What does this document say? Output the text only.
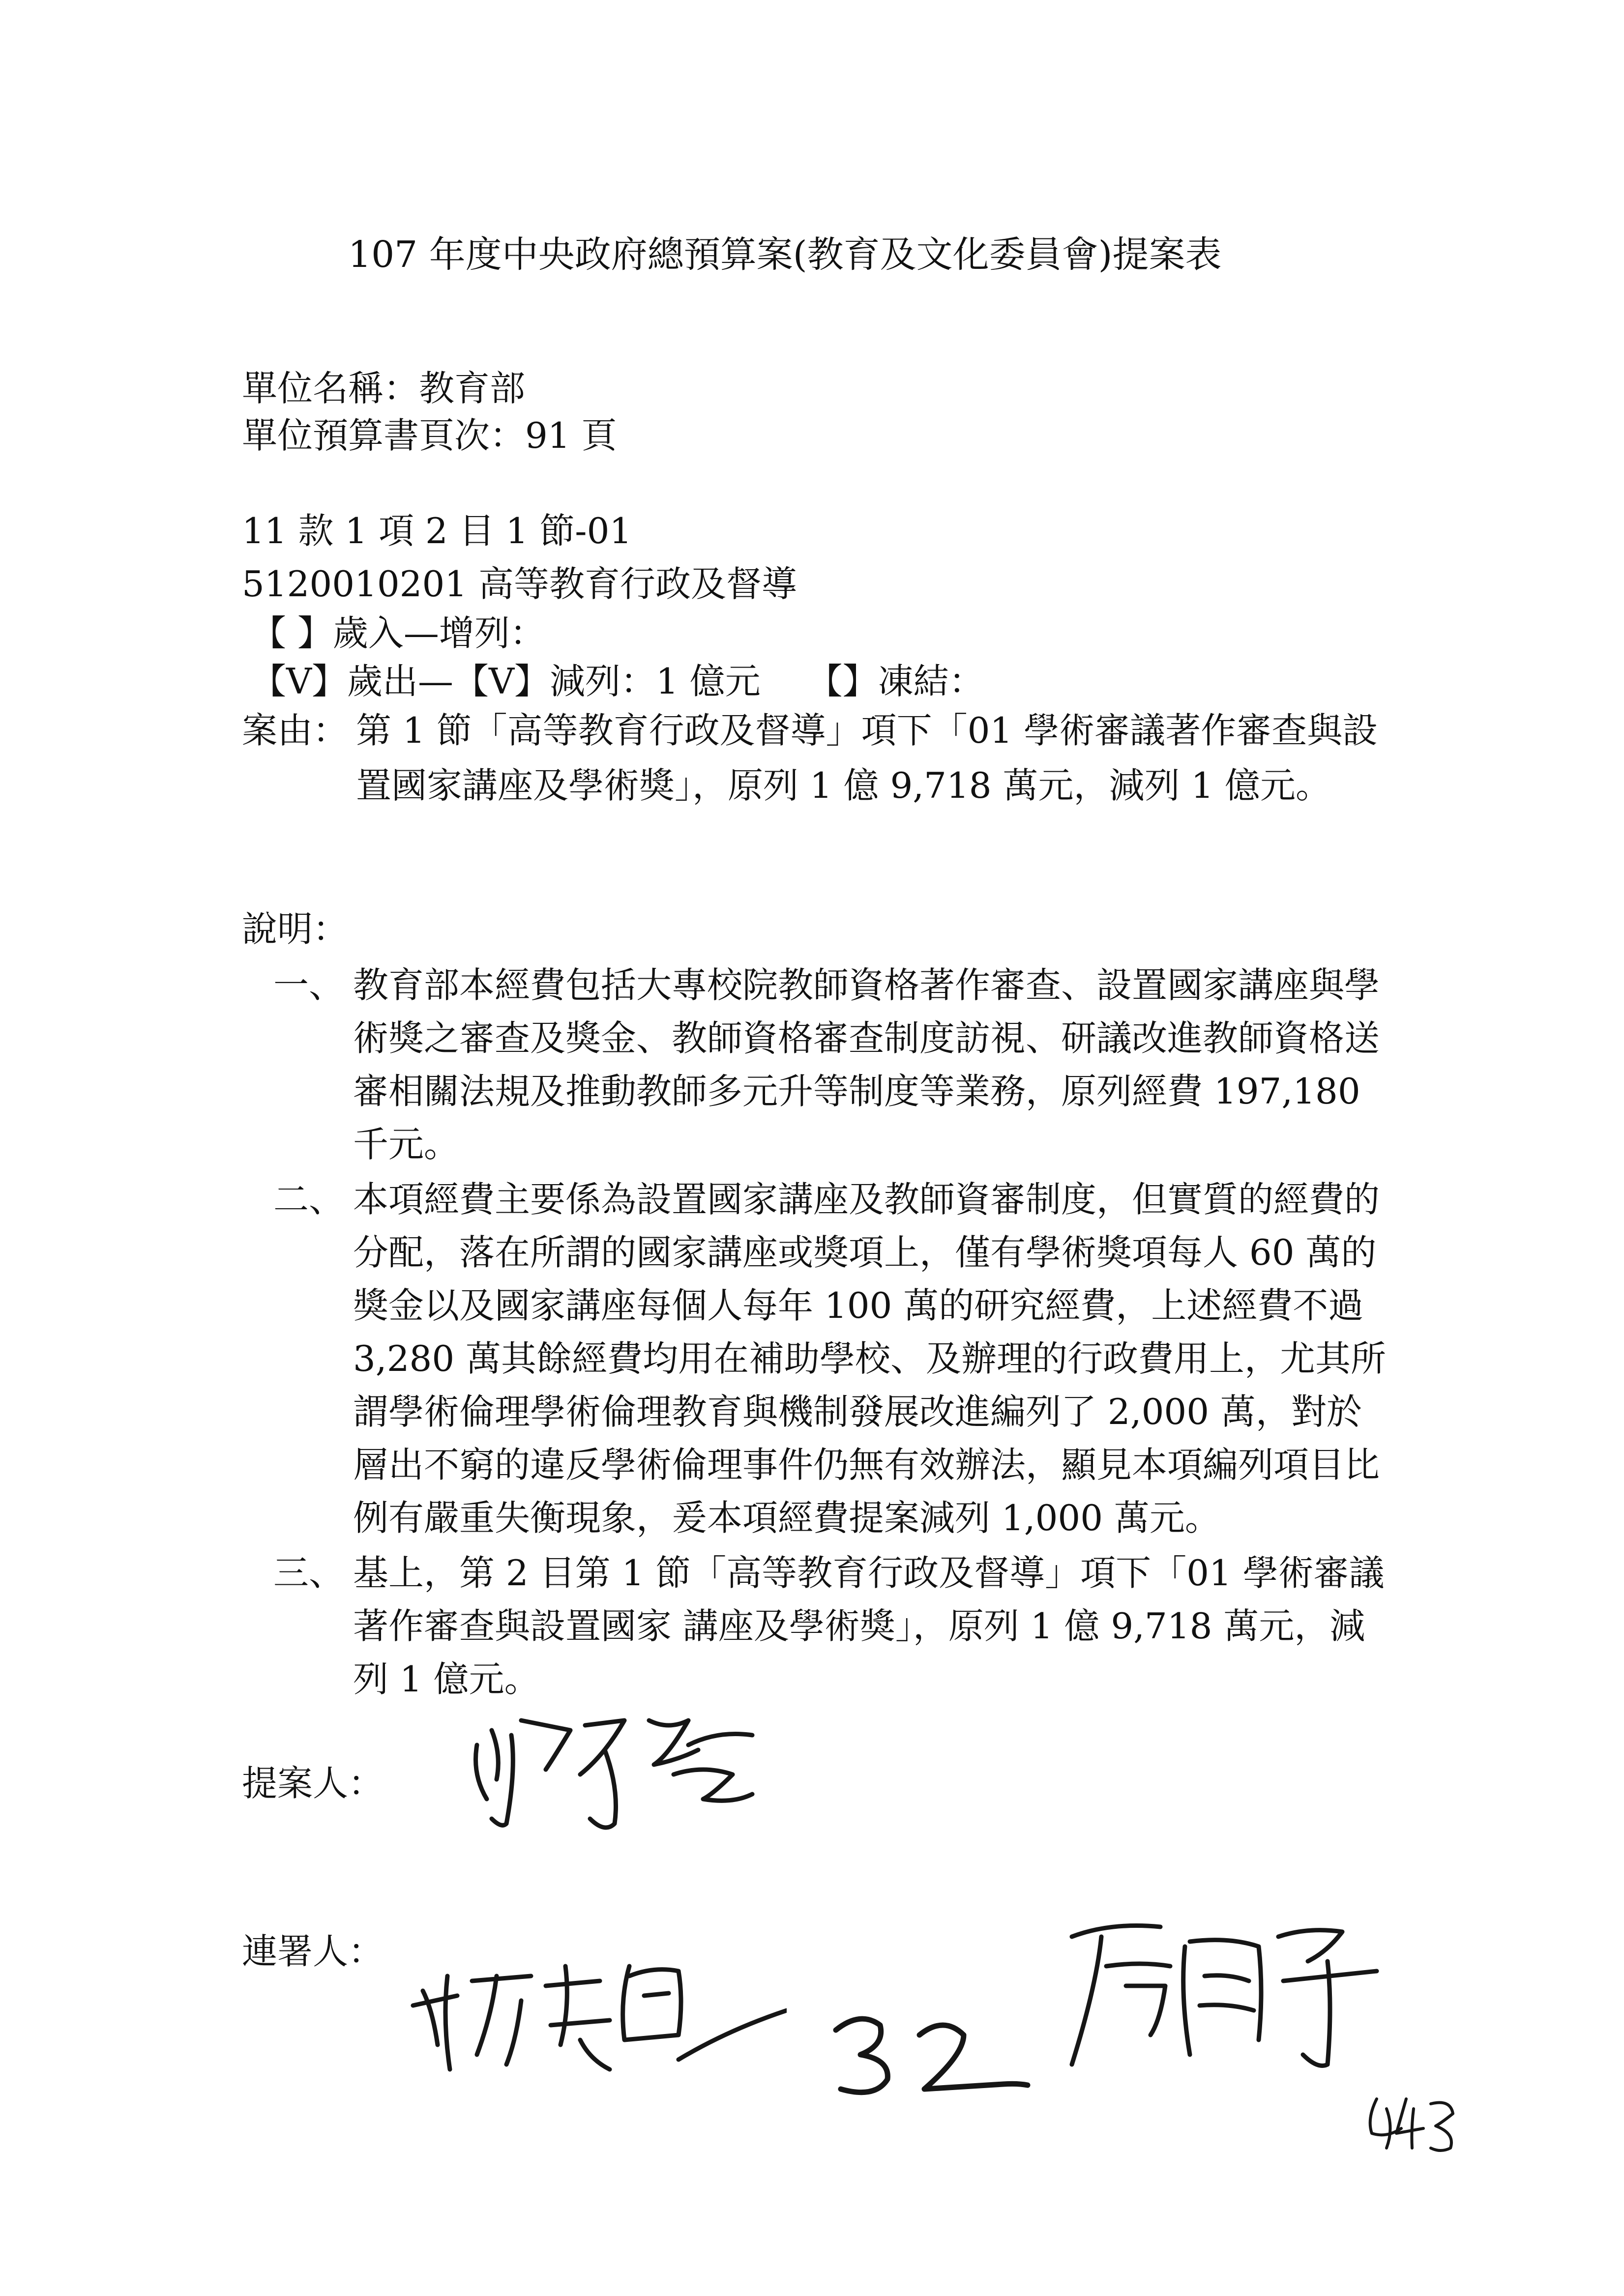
107 年度中央政府總預算案(教育及文化委員會)提案表
單位名稱：教育部
單位預算書頁次：91 頁
11 款 1 項 2 目 1 節-01
5120010201 高等教育行政及督導
【 】歲入—增列：
【V】歲出—【V】減列：1 億元　 【】凍結：
案由： 第 1 節「高等教育行政及督導」項下「01 學術審議著作審查與設置國家講座及學術獎」，原列 1 億 9,718 萬元，減列 1 億元。
說明：
一、 教育部本經費包括大專校院教師資格著作審查、設置國家講座與學術獎之審查及獎金、教師資格審查制度訪視、研議改進教師資格送審相關法規及推動教師多元升等制度等業務，原列經費 197,180 千元。
二、 本項經費主要係為設置國家講座及教師資審制度，但實質的經費的分配，落在所謂的國家講座或獎項上，僅有學術獎項每人 60 萬的獎金以及國家講座每個人每年 100 萬的研究經費，上述經費不過 3,280 萬其餘經費均用在補助學校、及辦理的行政費用上，尤其所謂學術倫理學術倫理教育與機制發展改進編列了 2,000 萬，對於層出不窮的違反學術倫理事件仍無有效辦法，顯見本項編列項目比例有嚴重失衡現象，爰本項經費提案減列 1,000 萬元。
三、 基上，第 2 目第 1 節「高等教育行政及督導」項下「01 學術審議著作審查與設置國家 講座及學術獎」，原列 1 億 9,718 萬元，減列 1 億元。
提案人：
連署人：
